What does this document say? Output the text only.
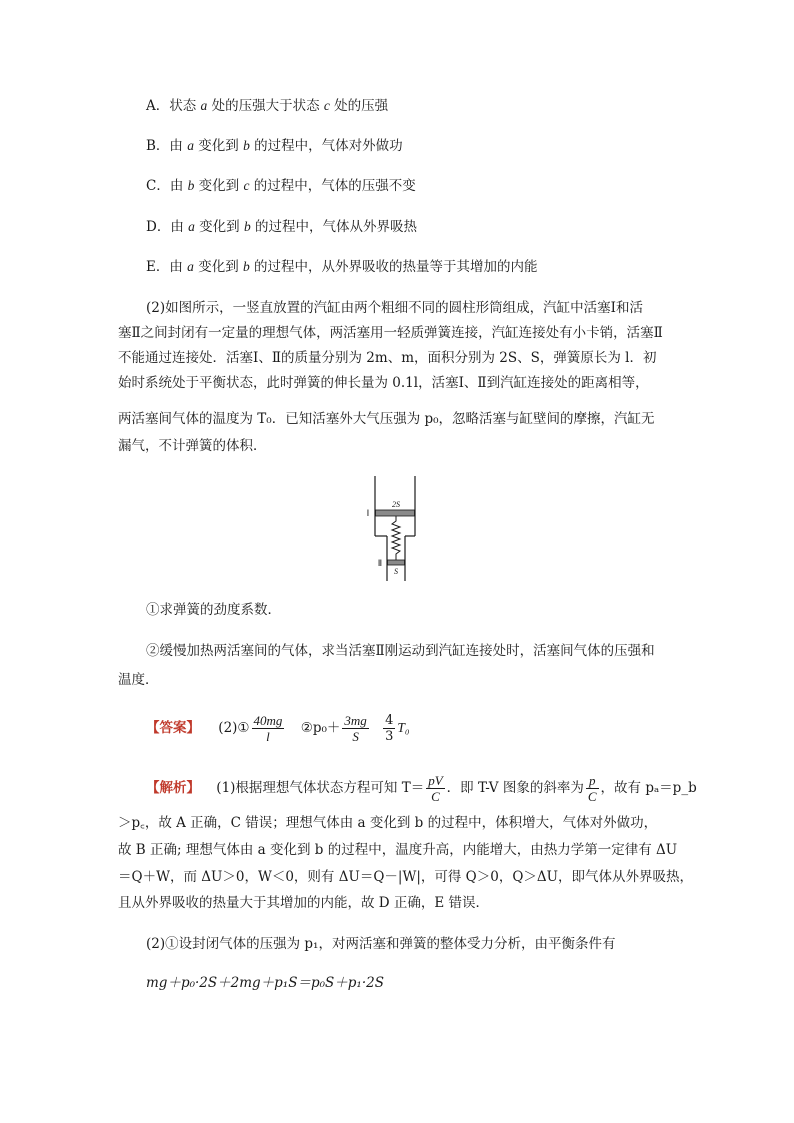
A．状态 a 处的压强大于状态 c 处的压强
B．由 a 变化到 b 的过程中，气体对外做功
C．由 b 变化到 c 的过程中，气体的压强不变
D．由 a 变化到 b 的过程中，气体从外界吸热
E．由 a 变化到 b 的过程中，从外界吸收的热量等于其增加的内能
(2)如图所示，一竖直放置的汽缸由两个粗细不同的圆柱形筒组成，汽缸中活塞Ⅰ和活
塞Ⅱ之间封闭有一定量的理想气体，两活塞用一轻质弹簧连接，汽缸连接处有小卡销，活塞Ⅱ
不能通过连接处．活塞Ⅰ、Ⅱ的质量分别为 2m、m，面积分别为 2S、S，弹簧原长为 l．初
始时系统处于平衡状态，此时弹簧的伸长量为 0.1l，活塞Ⅰ、Ⅱ到汽缸连接处的距离相等，
两活塞间气体的温度为 T₀．已知活塞外大气压强为 p₀，忽略活塞与缸壁间的摩擦，汽缸无
漏气，不计弹簧的体积．
2S
S
Ⅰ
Ⅱ
①求弹簧的劲度系数．
②缓慢加热两活塞间的气体，求当活塞Ⅱ刚运动到汽缸连接处时，活塞间气体的压强和
温度．
【答案】 (2)① $\frac{40mg}{l}$ ②p₀＋ $\frac{3mg}{S}$
$\frac{4}{3} T_0$
【解析】 (1)根据理想气体状态方程可知 $T= \frac{pV}{C}$ ．即 T-V 图象的斜率为 $\frac{p}{C}$ ，故有 pₐ＝p_b
＞p꜀，故 A 正确，C 错误；理想气体由 a 变化到 b 的过程中，体积增大，气体对外做功，
故 B 正确; 理想气体由 a 变化到 b 的过程中，温度升高，内能增大，由热力学第一定律有 ΔU
＝Q＋W，而 ΔU＞0，W＜0，则有 ΔU＝Q－|W|，可得 Q＞0，Q＞ΔU，即气体从外界吸热，
且从外界吸收的热量大于其增加的内能，故 D 正确，E 错误．
(2)①设封闭气体的压强为 p₁，对两活塞和弹簧的整体受力分析，由平衡条件有
mg＋p₀·2S＋2mg＋p₁S＝p₀S＋p₁·2S
